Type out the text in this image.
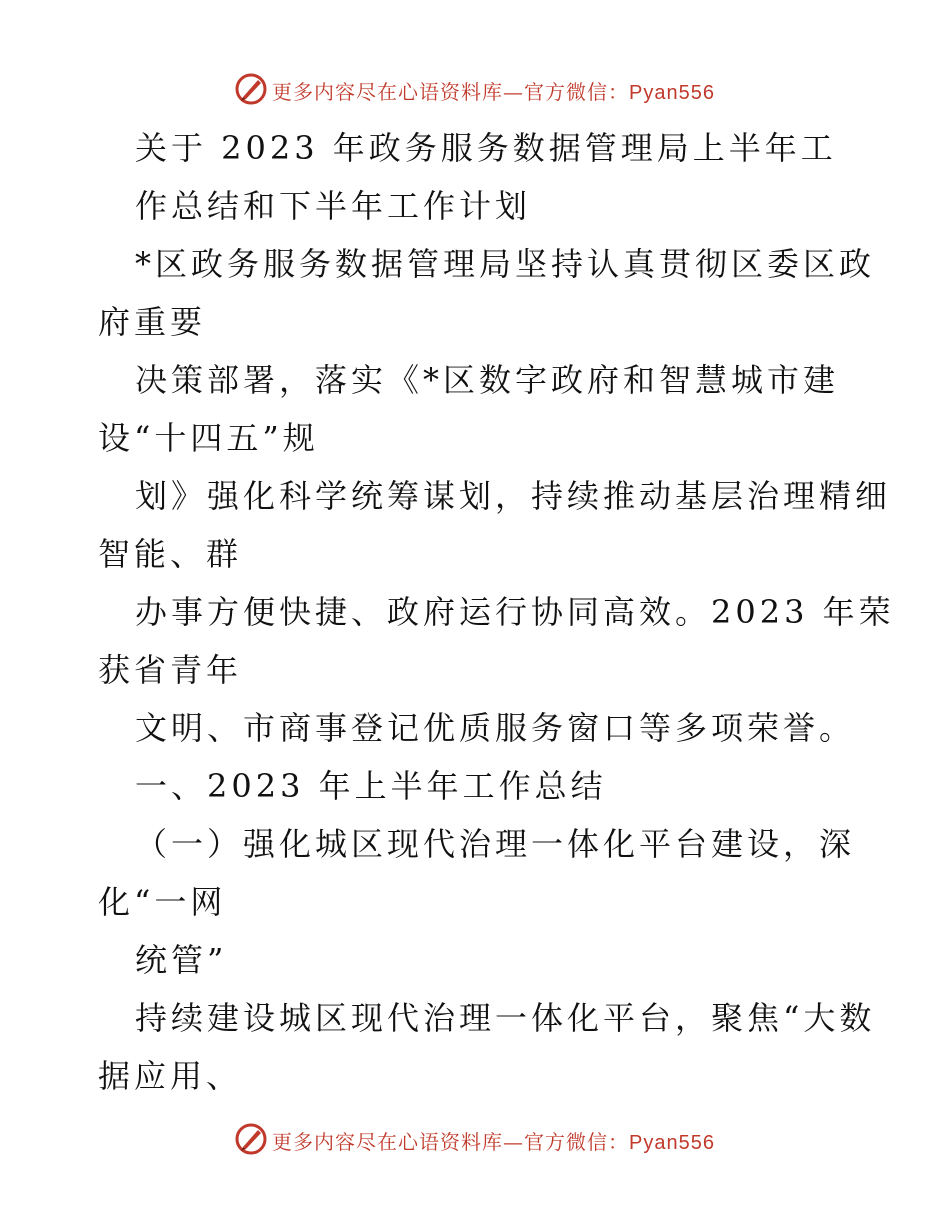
更多内容尽在心语资料库—官方微信：Pyan556
关于 2023 年政务服务数据管理局上半年工
作总结和下半年工作计划
*区政务服务数据管理局坚持认真贯彻区委区政
府重要
决策部署，落实《*区数字政府和智慧城市建
设“十四五”规
划》强化科学统筹谋划，持续推动基层治理精细
智能、群
办事方便快捷、政府运行协同高效。2023 年荣
获省青年
文明、市商事登记优质服务窗口等多项荣誉。
一、2023 年上半年工作总结
（一）强化城区现代治理一体化平台建设，深
化“一网
统管”
持续建设城区现代治理一体化平台，聚焦“大数
据应用、
更多内容尽在心语资料库—官方微信：Pyan556
